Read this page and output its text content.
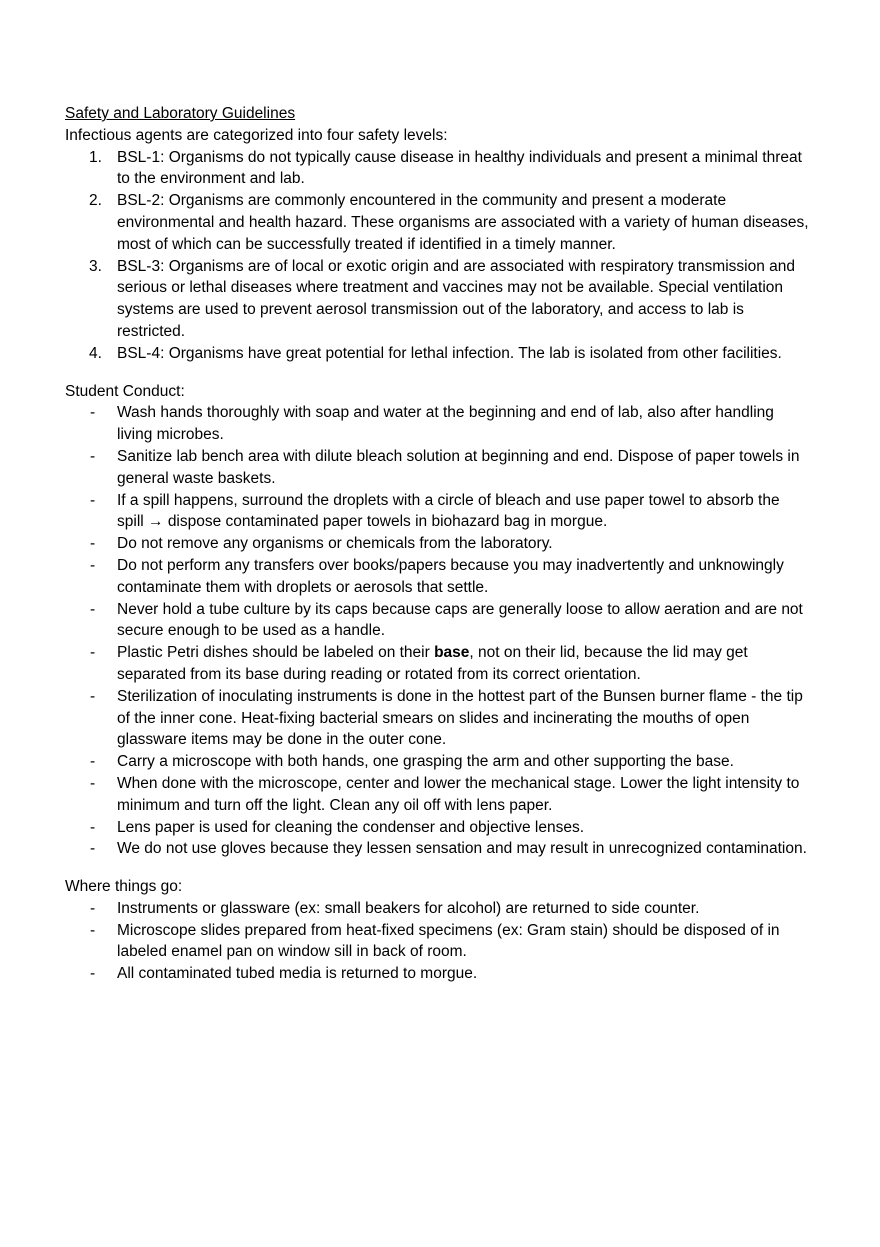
Safety and Laboratory Guidelines
Infectious agents are categorized into four safety levels:
1. BSL-1: Organisms do not typically cause disease in healthy individuals and present a minimal threat to the environment and lab.
2. BSL-2: Organisms are commonly encountered in the community and present a moderate environmental and health hazard. These organisms are associated with a variety of human diseases, most of which can be successfully treated if identified in a timely manner.
3. BSL-3: Organisms are of local or exotic origin and are associated with respiratory transmission and serious or lethal diseases where treatment and vaccines may not be available. Special ventilation systems are used to prevent aerosol transmission out of the laboratory, and access to lab is restricted.
4. BSL-4: Organisms have great potential for lethal infection. The lab is isolated from other facilities.
Student Conduct:
- Wash hands thoroughly with soap and water at the beginning and end of lab, also after handling living microbes.
- Sanitize lab bench area with dilute bleach solution at beginning and end. Dispose of paper towels in general waste baskets.
- If a spill happens, surround the droplets with a circle of bleach and use paper towel to absorb the spill → dispose contaminated paper towels in biohazard bag in morgue.
- Do not remove any organisms or chemicals from the laboratory.
- Do not perform any transfers over books/papers because you may inadvertently and unknowingly contaminate them with droplets or aerosols that settle.
- Never hold a tube culture by its caps because caps are generally loose to allow aeration and are not secure enough to be used as a handle.
- Plastic Petri dishes should be labeled on their base, not on their lid, because the lid may get separated from its base during reading or rotated from its correct orientation.
- Sterilization of inoculating instruments is done in the hottest part of the Bunsen burner flame - the tip of the inner cone. Heat-fixing bacterial smears on slides and incinerating the mouths of open glassware items may be done in the outer cone.
- Carry a microscope with both hands, one grasping the arm and other supporting the base.
- When done with the microscope, center and lower the mechanical stage. Lower the light intensity to minimum and turn off the light. Clean any oil off with lens paper.
- Lens paper is used for cleaning the condenser and objective lenses.
- We do not use gloves because they lessen sensation and may result in unrecognized contamination.
Where things go:
- Instruments or glassware (ex: small beakers for alcohol) are returned to side counter.
- Microscope slides prepared from heat-fixed specimens (ex: Gram stain) should be disposed of in labeled enamel pan on window sill in back of room.
- All contaminated tubed media is returned to morgue.
